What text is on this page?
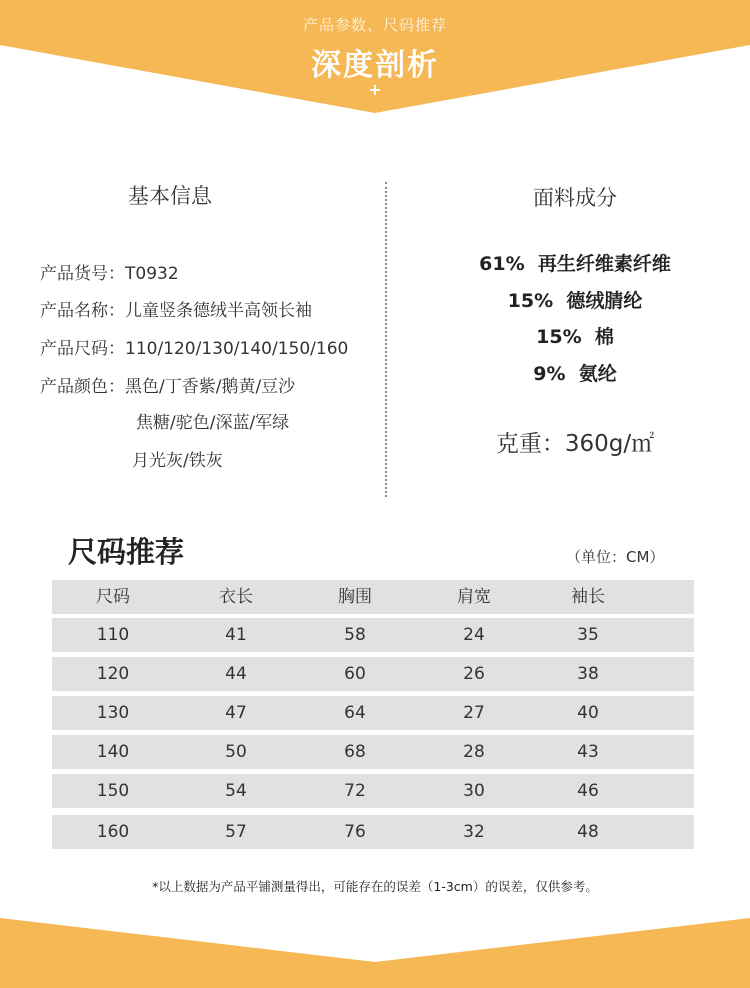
产品参数、尺码推荐
深度剖析
+
基本信息
产品货号：T0932
产品名称：儿童竖条德绒半高领长袖
产品尺码：110/120/130/140/150/160
产品颜色：黑色/丁香紫/鹅黄/豆沙
焦糖/驼色/深蓝/军绿
月光灰/铁灰
面料成分
61% 再生纤维素纤维
15% 德绒腈纶
15% 棉
9% 氨纶
克重：360g/㎡
尺码推荐	（单位：CM）
尺码	衣长	胸围	肩宽	袖长
110	41	58	24	35
120	44	60	26	38
130	47	64	27	40
140	50	68	28	43
150	54	72	30	46
160	57	76	32	48
*以上数据为产品平铺测量得出，可能存在的误差（1-3cm）的误差，仅供参考。
